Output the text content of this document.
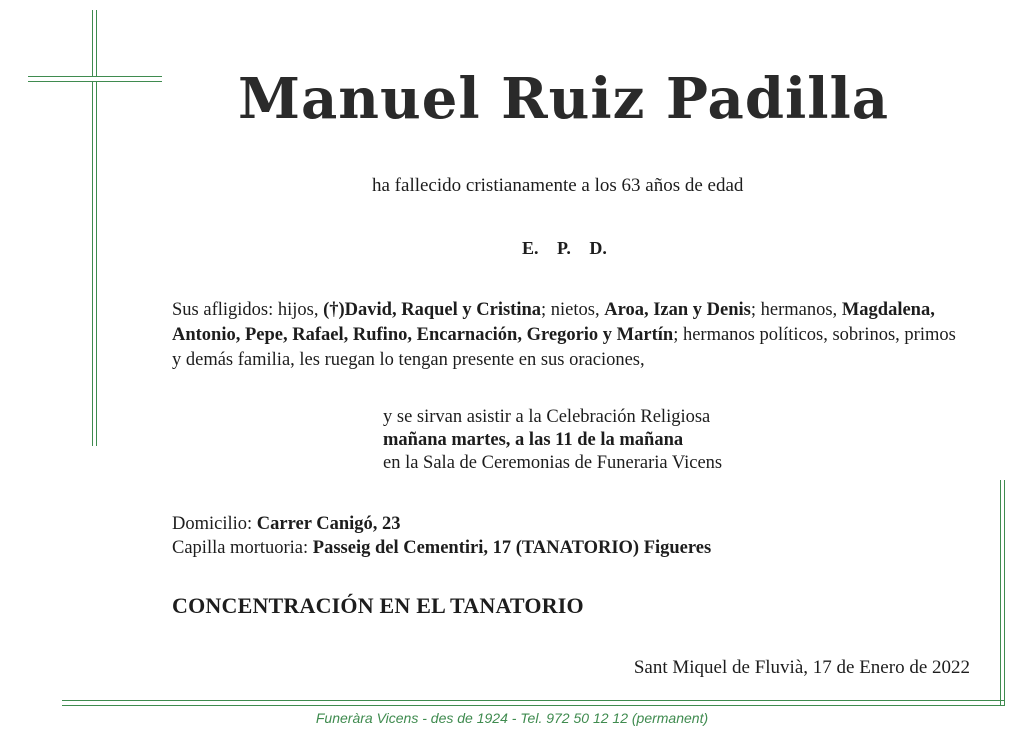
Manuel Ruiz Padilla
ha fallecido cristianamente a los 63 años de edad
E. P. D.
Sus afligidos: hijos, (†)David, Raquel y Cristina; nietos, Aroa, Izan y Denis; hermanos, Magdalena,
Antonio, Pepe, Rafael, Rufino, Encarnación, Gregorio y Martín; hermanos políticos, sobrinos, primos
y demás familia, les ruegan lo tengan presente en sus oraciones,
y se sirvan asistir a la Celebración Religiosa
mañana martes, a las 11 de la mañana
en la Sala de Ceremonias de Funeraria Vicens
Domicilio: Carrer Canigó, 23
Capilla mortuoria: Passeig del Cementiri, 17 (TANATORIO) Figueres
CONCENTRACIÓN EN EL TANATORIO
Sant Miquel de Fluvià, 17 de Enero de 2022
Funeràra Vicens - des de 1924 - Tel. 972 50 12 12 (permanent)
